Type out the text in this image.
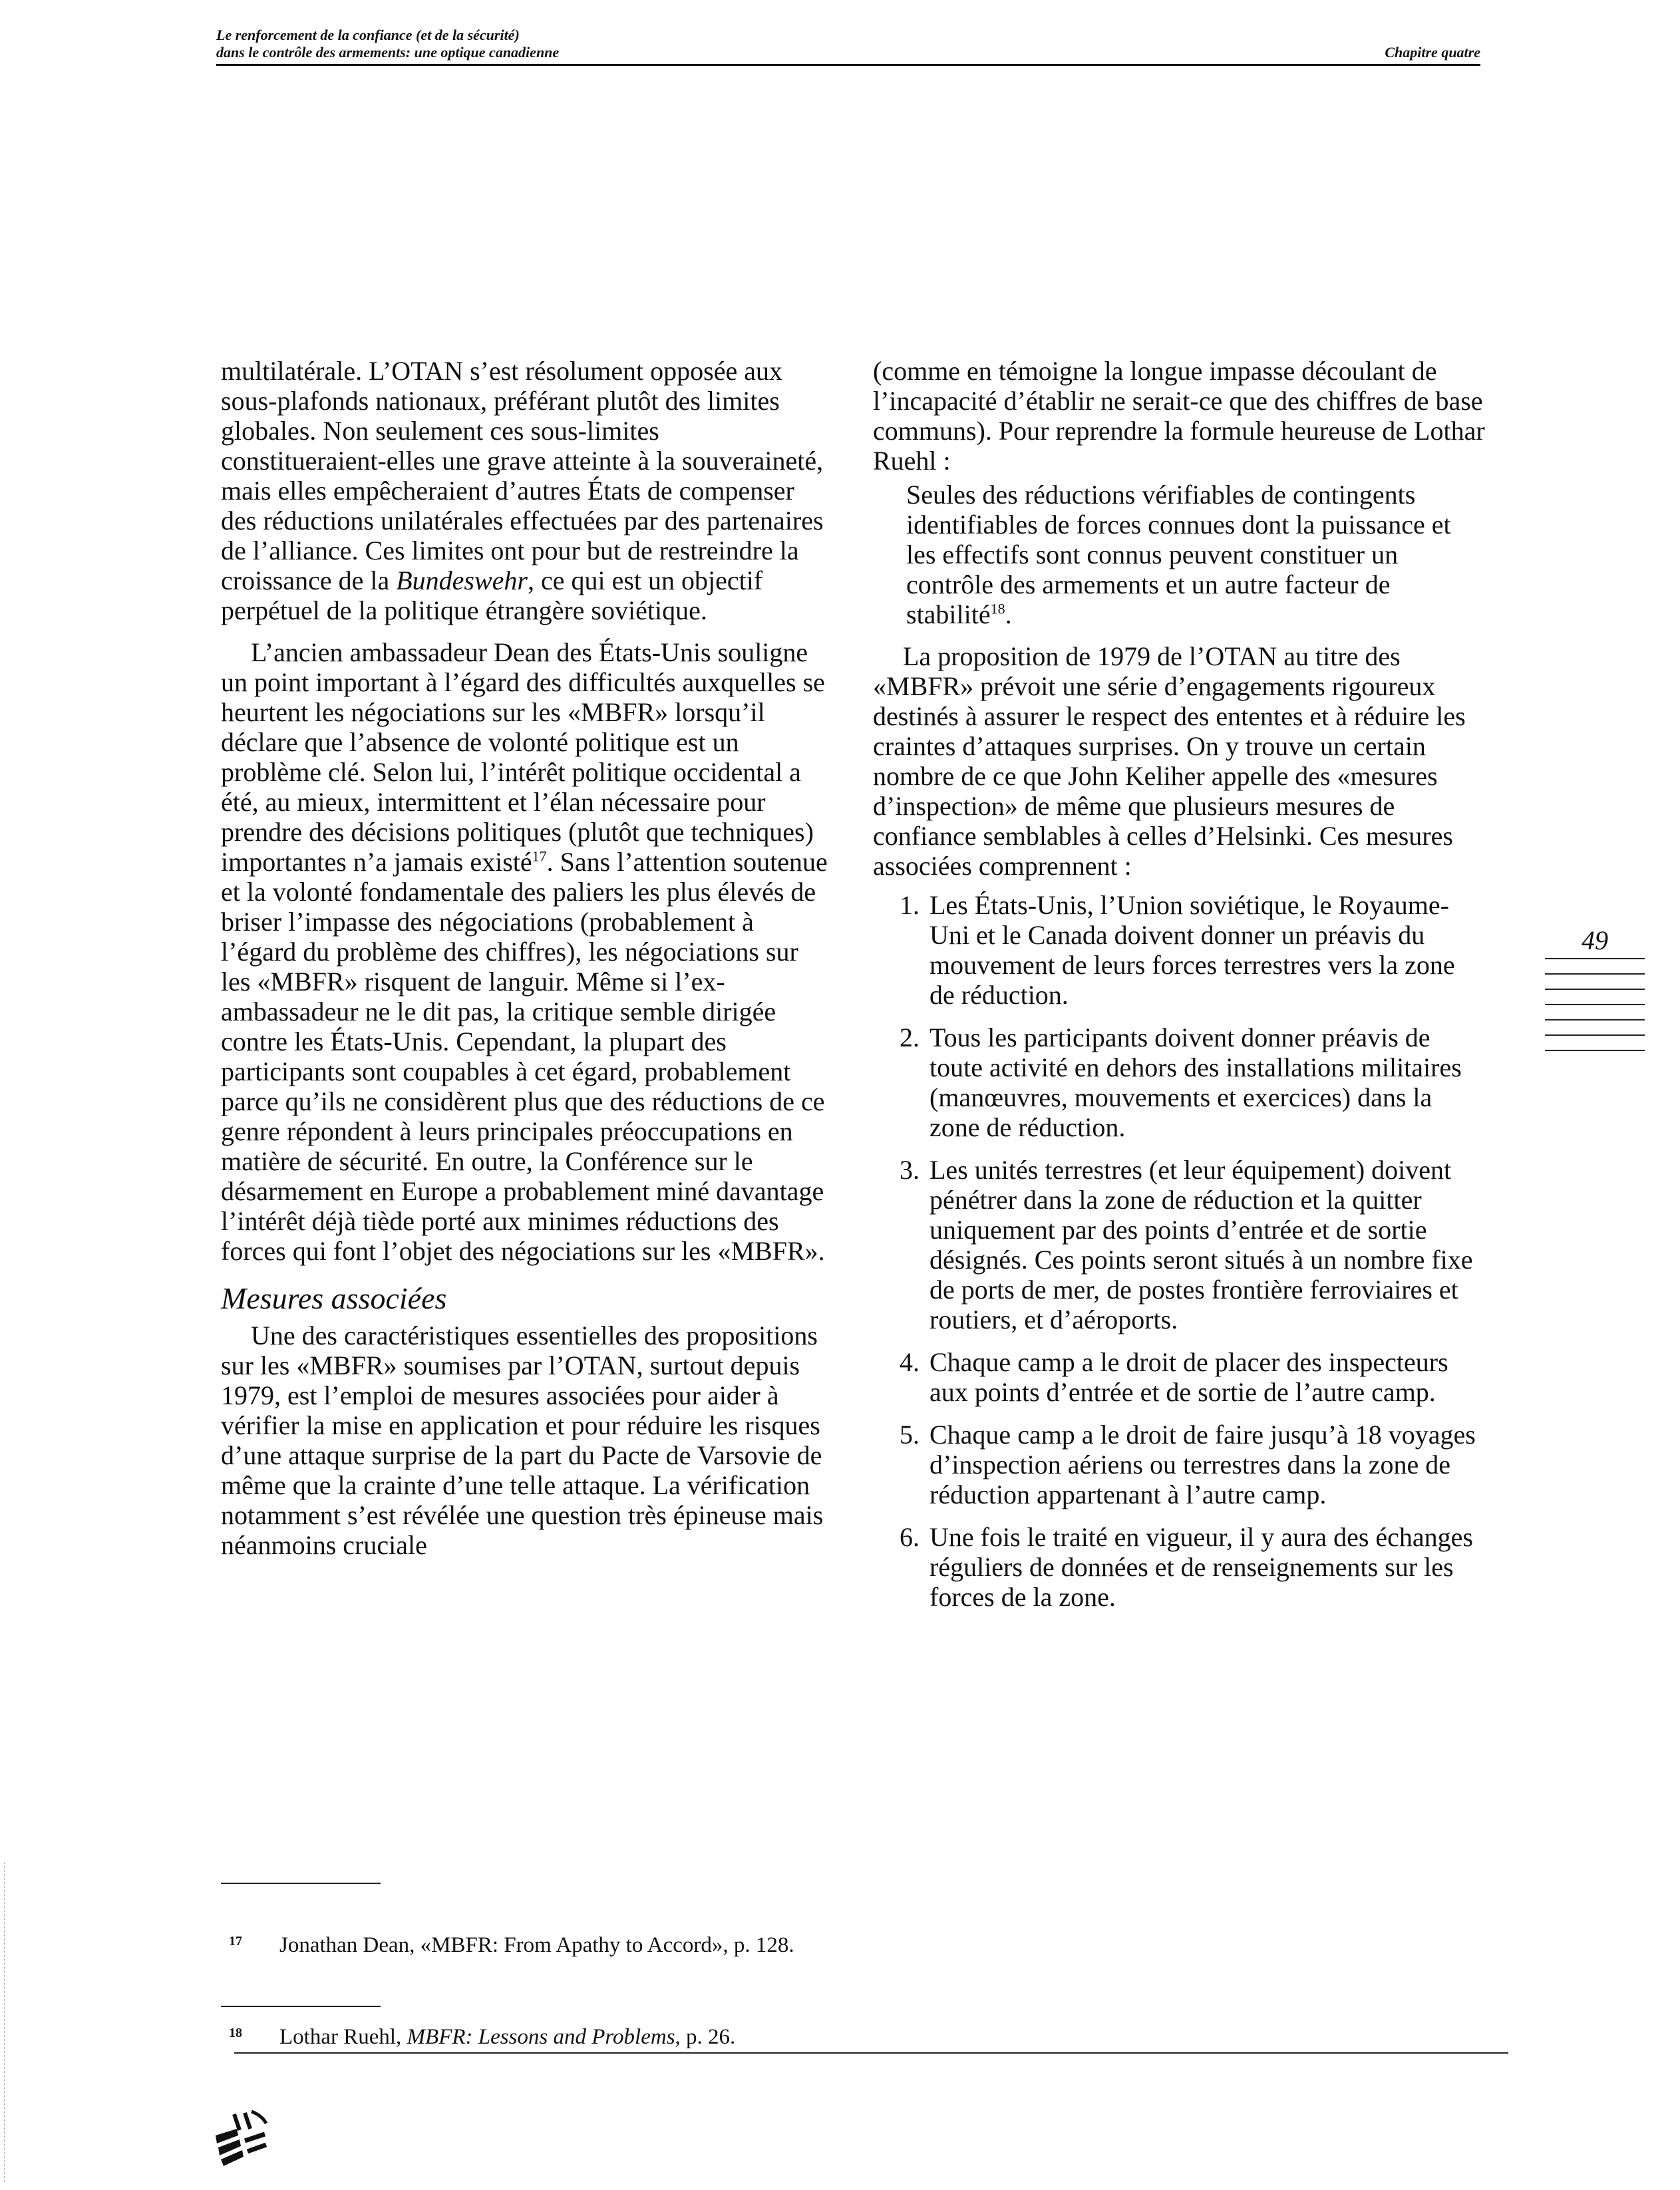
Le renforcement de la confiance (et de la sécurité)
dans le contrôle des armements: une optique canadienne	Chapitre quatre

multilatérale. L’OTAN s’est résolument opposée aux sous-plafonds nationaux, préférant plutôt des limites globales. Non seulement ces sous-limites constitueraient-elles une grave atteinte à la souveraineté, mais elles empêcheraient d’autres États de compenser des réductions unilatérales effectuées par des partenaires de l’alliance. Ces limites ont pour but de restreindre la croissance de la Bundeswehr, ce qui est un objectif perpétuel de la politique étrangère soviétique.

L’ancien ambassadeur Dean des États-Unis souligne un point important à l’égard des difficultés auxquelles se heurtent les négociations sur les «MBFR» lorsqu’il déclare que l’absence de volonté politique est un problème clé. Selon lui, l’intérêt politique occidental a été, au mieux, intermittent et l’élan nécessaire pour prendre des décisions politiques (plutôt que techniques) importantes n’a jamais existé$^{17}$. Sans l’attention soutenue et la volonté fondamentale des paliers les plus élevés de briser l’impasse des négociations (probablement à l’égard du problème des chiffres), les négociations sur les «MBFR» risquent de languir. Même si l’ex-ambassadeur ne le dit pas, la critique semble dirigée contre les États-Unis. Cependant, la plupart des participants sont coupables à cet égard, probablement parce qu’ils ne considèrent plus que des réductions de ce genre répondent à leurs principales préoccupations en matière de sécurité. En outre, la Conférence sur le désarmement en Europe a probablement miné davantage l’intérêt déjà tiède porté aux minimes réductions des forces qui font l’objet des négociations sur les «MBFR».

Mesures associées

Une des caractéristiques essentielles des propositions sur les «MBFR» soumises par l’OTAN, surtout depuis 1979, est l’emploi de mesures associées pour aider à vérifier la mise en application et pour réduire les risques d’une attaque surprise de la part du Pacte de Varsovie de même que la crainte d’une telle attaque. La vérification notamment s’est révélée une question très épineuse mais néanmoins cruciale

(comme en témoigne la longue impasse découlant de l’incapacité d’établir ne serait-ce que des chiffres de base communs). Pour reprendre la formule heureuse de Lothar Ruehl :

Seules des réductions vérifiables de contingents identifiables de forces connues dont la puissance et les effectifs sont connus peuvent constituer un contrôle des armements et un autre facteur de stabilité$^{18}$.

La proposition de 1979 de l’OTAN au titre des «MBFR» prévoit une série d’engagements rigoureux destinés à assurer le respect des ententes et à réduire les craintes d’attaques surprises. On y trouve un certain nombre de ce que John Keliher appelle des «mesures d’inspection» de même que plusieurs mesures de confiance semblables à celles d’Helsinki. Ces mesures associées comprennent :

1. Les États-Unis, l’Union soviétique, le Royaume-Uni et le Canada doivent donner un préavis du mouvement de leurs forces terrestres vers la zone de réduction.
2. Tous les participants doivent donner préavis de toute activité en dehors des installations militaires (manœuvres, mouvements et exercices) dans la zone de réduction.
3. Les unités terrestres (et leur équipement) doivent pénétrer dans la zone de réduction et la quitter uniquement par des points d’entrée et de sortie désignés. Ces points seront situés à un nombre fixe de ports de mer, de postes frontière ferroviaires et routiers, et d’aéroports.
4. Chaque camp a le droit de placer des inspecteurs aux points d’entrée et de sortie de l’autre camp.
5. Chaque camp a le droit de faire jusqu’à 18 voyages d’inspection aériens ou terrestres dans la zone de réduction appartenant à l’autre camp.
6. Une fois le traité en vigueur, il y aura des échanges réguliers de données et de renseignements sur les forces de la zone.
49
17 Jonathan Dean, «MBFR: From Apathy to Accord», p. 128.
18 Lothar Ruehl, MBFR: Lessons and Problems, p. 26.
